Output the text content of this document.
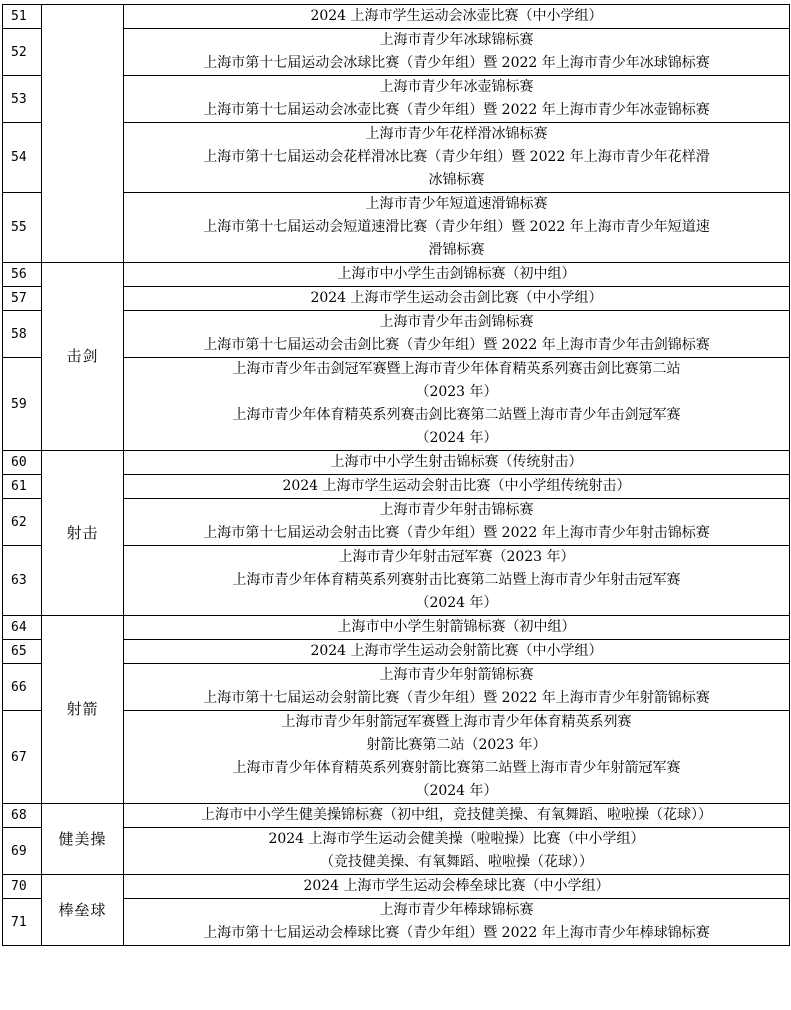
51		2024 上海市学生运动会冰壶比赛（中小学组）

52		上海市青少年冰球锦标赛
上海市第十七届运动会冰球比赛（青少年组）暨 2022 年上海市青少年冰球锦标赛

53		上海市青少年冰壶锦标赛
上海市第十七届运动会冰壶比赛（青少年组）暨 2022 年上海市青少年冰壶锦标赛

54		上海市青少年花样滑冰锦标赛
上海市第十七届运动会花样滑冰比赛（青少年组）暨 2022 年上海市青少年花样滑
冰锦标赛

55		上海市青少年短道速滑锦标赛
上海市第十七届运动会短道速滑比赛（青少年组）暨 2022 年上海市青少年短道速
滑锦标赛

56	击剑	上海市中小学生击剑锦标赛（初中组）

57		2024 上海市学生运动会击剑比赛（中小学组）

58		上海市青少年击剑锦标赛
上海市第十七届运动会击剑比赛（青少年组）暨 2022 年上海市青少年击剑锦标赛

59		上海市青少年击剑冠军赛暨上海市青少年体育精英系列赛击剑比赛第二站
（2023 年）
上海市青少年体育精英系列赛击剑比赛第二站暨上海市青少年击剑冠军赛
（2024 年）

60	射击	上海市中小学生射击锦标赛（传统射击）

61		2024 上海市学生运动会射击比赛（中小学组传统射击）

62		上海市青少年射击锦标赛
上海市第十七届运动会射击比赛（青少年组）暨 2022 年上海市青少年射击锦标赛

63		上海市青少年射击冠军赛（2023 年）
上海市青少年体育精英系列赛射击比赛第二站暨上海市青少年射击冠军赛
（2024 年）

64	射箭	上海市中小学生射箭锦标赛（初中组）

65		2024 上海市学生运动会射箭比赛（中小学组）

66		上海市青少年射箭锦标赛
上海市第十七届运动会射箭比赛（青少年组）暨 2022 年上海市青少年射箭锦标赛

67		上海市青少年射箭冠军赛暨上海市青少年体育精英系列赛
射箭比赛第二站（2023 年）
上海市青少年体育精英系列赛射箭比赛第二站暨上海市青少年射箭冠军赛
（2024 年）

68	健美操	上海市中小学生健美操锦标赛（初中组，竞技健美操、有氧舞蹈、啦啦操（花球））

69		2024 上海市学生运动会健美操（啦啦操）比赛（中小学组）
（竞技健美操、有氧舞蹈、啦啦操（花球））

70	棒垒球	2024 上海市学生运动会棒垒球比赛（中小学组）

71		上海市青少年棒球锦标赛
上海市第十七届运动会棒球比赛（青少年组）暨 2022 年上海市青少年棒球锦标赛
